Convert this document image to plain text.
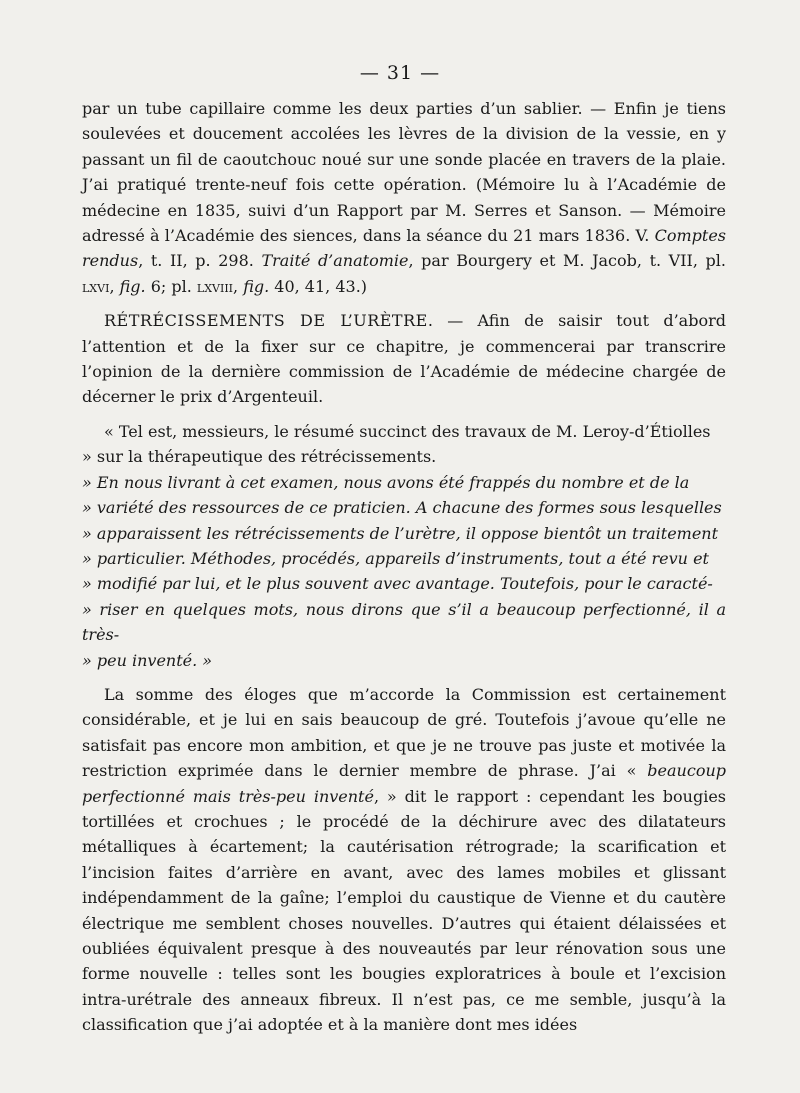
— 31 —

par un tube capillaire comme les deux parties d’un sablier. — Enfin je tiens soulevées et doucement accolées les lèvres de la division de la vessie, en y passant un fil de caoutchouc noué sur une sonde placée en travers de la plaie. J’ai pratiqué trente-neuf fois cette opération. (Mémoire lu à l’Académie de médecine en 1835, suivi d’un Rapport par M. Serres et Sanson. — Mémoire adressé à l’Académie des siences, dans la séance du 21 mars 1836. V. Comptes rendus, t. II, p. 298. Traité d’anatomie, par Bourgery et M. Jacob, t. VII, pl. lxvi, fig. 6; pl. lxviii, fig. 40, 41, 43.)

RÉTRÉCISSEMENTS DE L’URÈTRE. — Afin de saisir tout d’abord l’attention et de la fixer sur ce chapitre, je commencerai par transcrire l’opinion de la dernière commission de l’Académie de médecine chargée de décerner le prix d’Argenteuil.

« Tel est, messieurs, le résumé succinct des travaux de M. Leroy-d’Étiolles

» sur la thérapeutique des rétrécissements.

» En nous livrant à cet examen, nous avons été frappés du nombre et de la

» variété des ressources de ce praticien. A chacune des formes sous lesquelles

» apparaissent les rétrécissements de l’urètre, il oppose bientôt un traitement

» particulier. Méthodes, procédés, appareils d’instruments, tout a été revu et

» modifié par lui, et le plus souvent avec avantage. Toutefois, pour le caracté-

» riser en quelques mots, nous dirons que s’il a beaucoup perfectionné, il a très-

» peu inventé. »

La somme des éloges que m’accorde la Commission est certainement considérable, et je lui en sais beaucoup de gré. Toutefois j’avoue qu’elle ne satisfait pas encore mon ambition, et que je ne trouve pas juste et motivée la restriction exprimée dans le dernier membre de phrase. J’ai « beaucoup perfectionné mais très-peu inventé, » dit le rapport : cependant les bougies tortillées et crochues ; le procédé de la déchirure avec des dilatateurs métalliques à écartement; la cautérisation rétrograde; la scarification et l’incision faites d’arrière en avant, avec des lames mobiles et glissant indépendamment de la gaîne; l’emploi du caustique de Vienne et du cautère électrique me semblent choses nouvelles. D’autres qui étaient délaissées et oubliées équivalent presque à des nouveautés par leur rénovation sous une forme nouvelle : telles sont les bougies exploratrices à boule et l’excision intra-urétrale des anneaux fibreux. Il n’est pas, ce me semble, jusqu’à la classification que j’ai adoptée et à la manière dont mes idées
